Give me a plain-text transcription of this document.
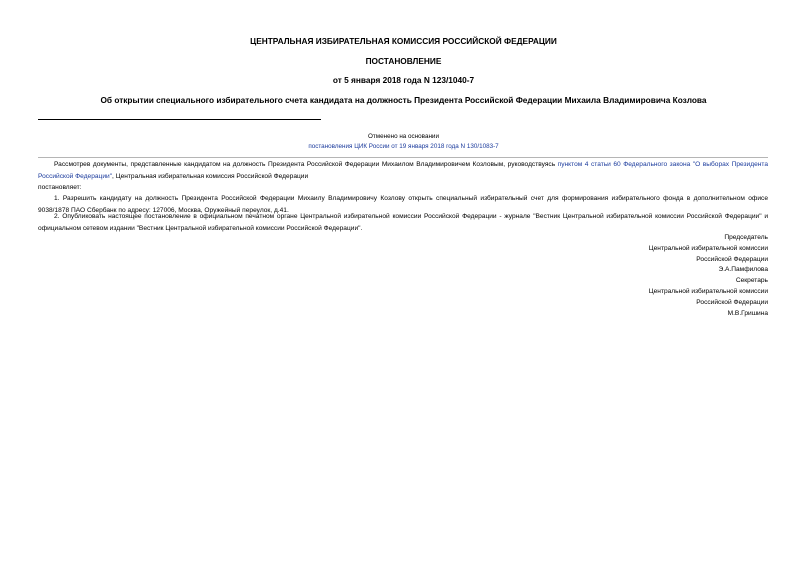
ЦЕНТРАЛЬНАЯ ИЗБИРАТЕЛЬНАЯ КОМИССИЯ РОССИЙСКОЙ ФЕДЕРАЦИИ
ПОСТАНОВЛЕНИЕ
от 5 января 2018 года N 123/1040-7
Об открытии специального избирательного счета кандидата на должность Президента Российской Федерации Михаила Владимировича Козлова
Отменено на основании
постановления ЦИК России от 19 января 2018 года N 130/1083-7
Рассмотрев документы, представленные кандидатом на должность Президента Российской Федерации Михаилом Владимировичем Козловым, руководствуясь пунктом 4 статьи 60 Федерального закона "О выборах Президента Российской Федерации", Центральная избирательная комиссия Российской Федерации
постановляет:
1. Разрешить кандидату на должность Президента Российской Федерации Михаилу Владимировичу Козлову открыть специальный избирательный счет для формирования избирательного фонда в дополнительном офисе 9038/1878 ПАО Сбербанк по адресу: 127006, Москва, Оружейный переулок, д.41.
2. Опубликовать настоящее постановление в официальном печатном органе Центральной избирательной комиссии Российской Федерации - журнале "Вестник Центральной избирательной комиссии Российской Федерации" и официальном сетевом издании "Вестник Центральной избирательной комиссии Российской Федерации".
Председатель
Центральной избирательной комиссии
Российской Федерации
Э.А.Памфилова
Секретарь
Центральной избирательной комиссии
Российской Федерации
М.В.Гришина
